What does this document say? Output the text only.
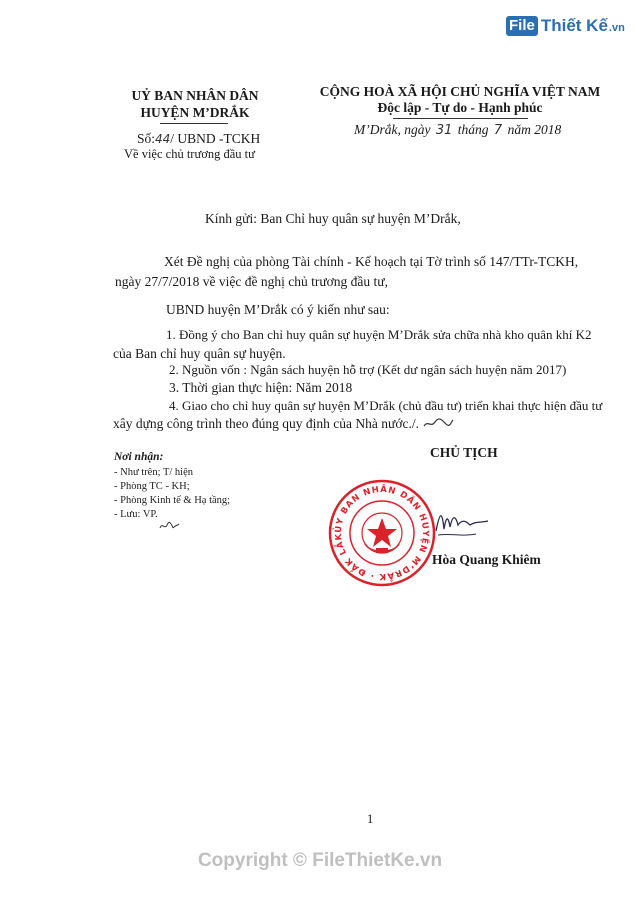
File Thiết Kế .vn
UỶ BAN NHÂN DÂN
HUYỆN M’DRẮK
Số:44/ UBND -TCKH
Về việc chủ trương đầu tư
CỘNG HOÀ XÃ HỘI CHỦ NGHĨA VIỆT NAM
Độc lập - Tự do - Hạnh phúc
M’Drắk, ngày 31 tháng 7 năm 2018
Kính gửi: Ban Chỉ huy quân sự huyện M’Drắk,
Xét Đề nghị của phòng Tài chính - Kế hoạch tại Tờ trình số 147/TTr-TCKH,
ngày 27/7/2018 về việc đề nghị chủ trương đầu tư,
UBND huyện M’Drắk có ý kiến như sau:
1. Đồng ý cho Ban chỉ huy quân sự huyện M’Drắk sửa chữa nhà kho quân khí K2
của Ban chỉ huy quân sự huyện.
2. Nguồn vốn : Ngân sách huyện hỗ trợ (Kết dư ngân sách huyện năm 2017)
3. Thời gian thực hiện: Năm 2018
4. Giao cho chỉ huy quân sự huyện M’Drắk (chủ đầu tư) triển khai thực hiện đầu tư
xây dựng công trình theo đúng quy định của Nhà nước./.
Nơi nhận:
- Như trên; T/ hiện
- Phòng TC - KH;
- Phòng Kinh tế & Hạ tầng;
- Lưu: VP.
CHỦ TỊCH
ỦY BAN NHÂN DÂN HUYỆN M’DRẮK · ĐẮK LẮK
Hòa Quang Khiêm
1
Copyright © FileThietKe.vn
